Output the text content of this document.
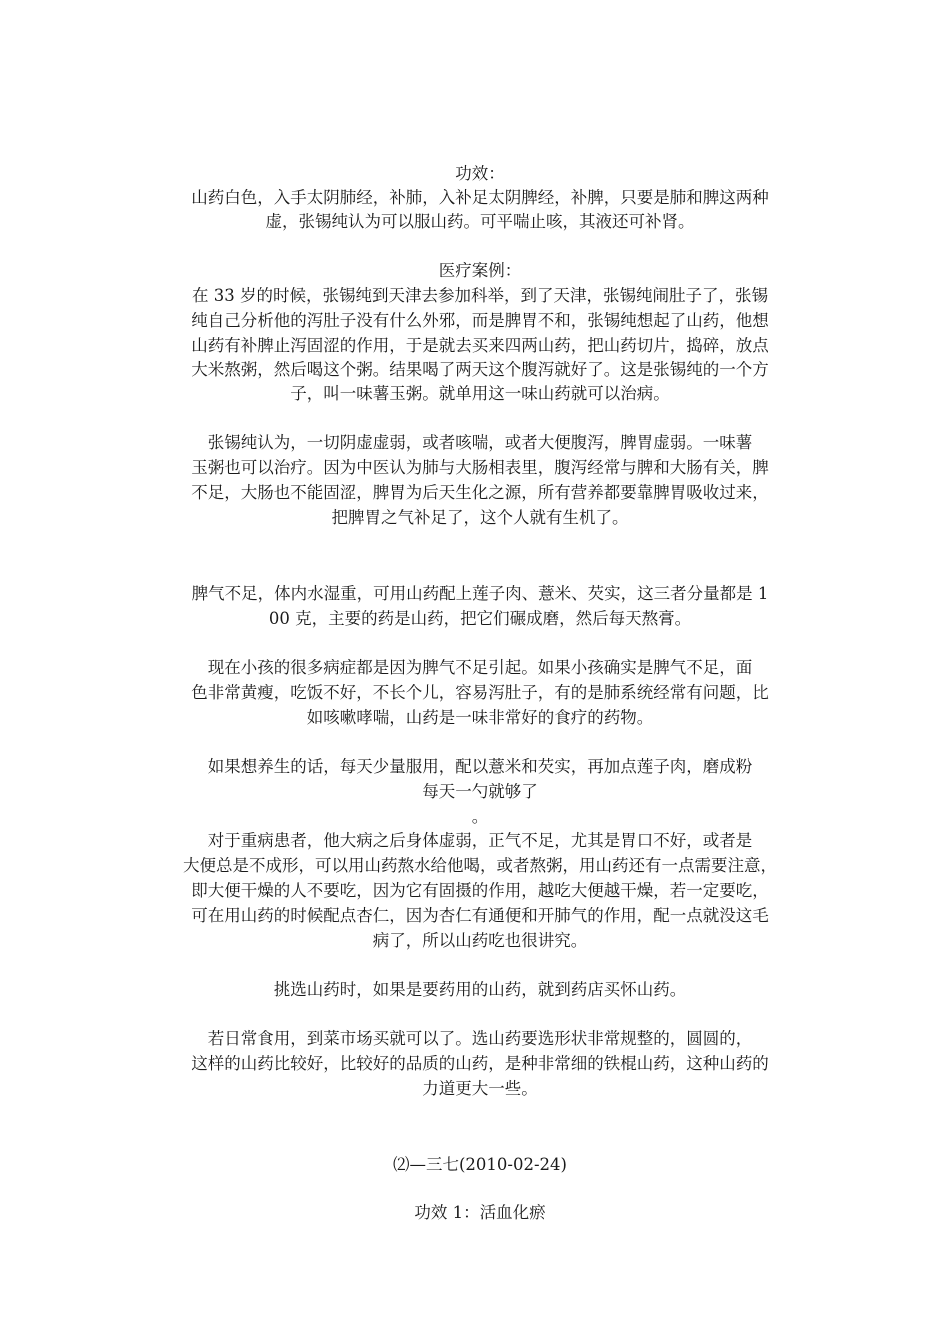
功效：
山药白色，入手太阴肺经，补肺，入补足太阴脾经，补脾，只要是肺和脾这两种
虚，张锡纯认为可以服山药。可平喘止咳，其液还可补肾。
医疗案例：
在 33 岁的时候，张锡纯到天津去参加科举，到了天津，张锡纯闹肚子了，张锡
纯自己分析他的泻肚子没有什么外邪，而是脾胃不和，张锡纯想起了山药，他想
山药有补脾止泻固涩的作用，于是就去买来四两山药，把山药切片，捣碎，放点
大米熬粥，然后喝这个粥。结果喝了两天这个腹泻就好了。这是张锡纯的一个方
子，叫一味薯玉粥。就单用这一味山药就可以治病。
张锡纯认为，一切阴虚虚弱，或者咳喘，或者大便腹泻，脾胃虚弱。一味薯
玉粥也可以治疗。因为中医认为肺与大肠相表里，腹泻经常与脾和大肠有关，脾
不足，大肠也不能固涩，脾胃为后天生化之源，所有营养都要靠脾胃吸收过来，
把脾胃之气补足了，这个人就有生机了。
脾气不足，体内水湿重，可用山药配上莲子肉、薏米、芡实，这三者分量都是 1
00 克，主要的药是山药，把它们碾成磨，然后每天熬膏。
现在小孩的很多病症都是因为脾气不足引起。如果小孩确实是脾气不足，面
色非常黄瘦，吃饭不好，不长个儿，容易泻肚子，有的是肺系统经常有问题，比
如咳嗽哮喘，山药是一味非常好的食疗的药物。
如果想养生的话，每天少量服用，配以薏米和芡实，再加点莲子肉，磨成粉
每天一勺就够了
。
对于重病患者，他大病之后身体虚弱，正气不足，尤其是胃口不好，或者是
大便总是不成形，可以用山药熬水给他喝，或者熬粥，用山药还有一点需要注意，
即大便干燥的人不要吃，因为它有固摄的作用，越吃大便越干燥，若一定要吃，
可在用山药的时候配点杏仁，因为杏仁有通便和开肺气的作用，配一点就没这毛
病了，所以山药吃也很讲究。
挑选山药时，如果是要药用的山药，就到药店买怀山药。
若日常食用，到菜市场买就可以了。选山药要选形状非常规整的，圆圆的，
这样的山药比较好，比较好的品质的山药，是种非常细的铁棍山药，这种山药的
力道更大一些。
⑵—三七(2010-02-24)
功效 1：活血化瘀
